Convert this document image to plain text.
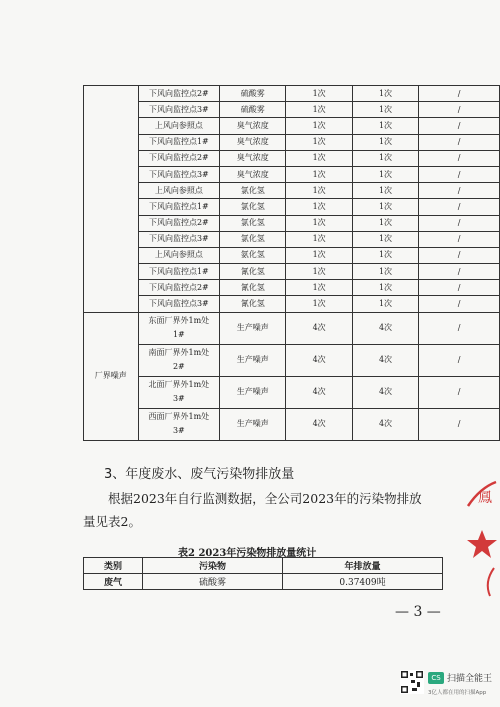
	下风向监控点2#	硫酸雾	1次	1次	/
	下风向监控点3#	硫酸雾	1次	1次	/
	上风向参照点	臭气浓度	1次	1次	/
	下风向监控点1#	臭气浓度	1次	1次	/
	下风向监控点2#	臭气浓度	1次	1次	/
	下风向监控点3#	臭气浓度	1次	1次	/
	上风向参照点	氯化氢	1次	1次	/
	下风向监控点1#	氯化氢	1次	1次	/
	下风向监控点2#	氯化氢	1次	1次	/
	下风向监控点3#	氯化氢	1次	1次	/
	上风向参照点	氨化氢	1次	1次	/
	下风向监控点1#	氰化氢	1次	1次	/
	下风向监控点2#	氰化氢	1次	1次	/
	下风向监控点3#	氰化氢	1次	1次	/
厂界噪声	东面厂界外1m处1#	生产噪声	4次	4次	/
	南面厂界外1m处2#	生产噪声	4次	4次	/
	北面厂界外1m处3#	生产噪声	4次	4次	/
	西面厂界外1m处3#	生产噪声	4次	4次	/
3、年度废水、废气污染物排放量
根据2023年自行监测数据，全公司2023年的污染物排放量见表2。
表2 2023年污染物排放量统计
类别	污染物	年排放量
废气	硫酸雾	0.37409吨
— 3 —
鳳
CS 扫描全能王
3亿人都在用的扫描App
